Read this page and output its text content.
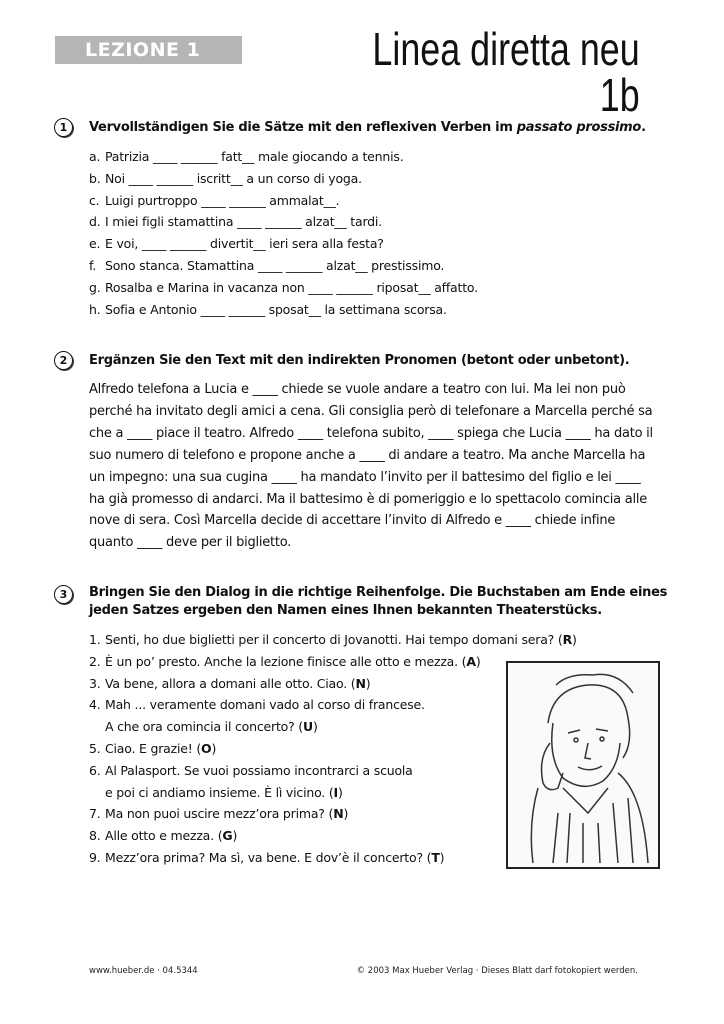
LEZIONE 1	Linea diretta neu
1b
1	Vervollständigen Sie die Sätze mit den reflexiven Verben im passato prossimo.
a. Patrizia ____ ______ fatt__ male giocando a tennis.
b. Noi ____ ______ iscritt__ a un corso di yoga.
c. Luigi purtroppo ____ ______ ammalat__.
d. I miei figli stamattina ____ ______ alzat__ tardi.
e. E voi, ____ ______ divertit__ ieri sera alla festa?
f. Sono stanca. Stamattina ____ ______ alzat__ prestissimo.
g. Rosalba e Marina in vacanza non ____ ______ riposat__ affatto.
h. Sofia e Antonio ____ ______ sposat__ la settimana scorsa.
2	Ergänzen Sie den Text mit den indirekten Pronomen (betont oder unbetont).
Alfredo telefona a Lucia e ____ chiede se vuole andare a teatro con lui. Ma lei non può
perché ha invitato degli amici a cena. Gli consiglia però di telefonare a Marcella perché sa
che a ____ piace il teatro. Alfredo ____ telefona subito, ____ spiega che Lucia ____ ha dato il
suo numero di telefono e propone anche a ____ di andare a teatro. Ma anche Marcella ha
un impegno: una sua cugina ____ ha mandato l’invito per il battesimo del figlio e lei ____
ha già promesso di andarci. Ma il battesimo è di pomeriggio e lo spettacolo comincia alle
nove di sera. Così Marcella decide di accettare l’invito di Alfredo e ____ chiede infine
quanto ____ deve per il biglietto.
3	Bringen Sie den Dialog in die richtige Reihenfolge. Die Buchstaben am Ende eines
jeden Satzes ergeben den Namen eines Ihnen bekannten Theaterstücks.
1. Senti, ho due biglietti per il concerto di Jovanotti. Hai tempo domani sera? (R)
2. È un po’ presto. Anche la lezione finisce alle otto e mezza. (A)
3. Va bene, allora a domani alle otto. Ciao. (N)
4. Mah ... veramente domani vado al corso di francese.
A che ora comincia il concerto? (U)
5. Ciao. E grazie! (O)
6. Al Palasport. Se vuoi possiamo incontrarci a scuola
e poi ci andiamo insieme. È lì vicino. (I)
7. Ma non puoi uscire mezz’ora prima? (N)
8. Alle otto e mezza. (G)
9. Mezz’ora prima? Ma sì, va bene. E dov’è il concerto? (T)
www.hueber.de · 04.5344	© 2003 Max Hueber Verlag · Dieses Blatt darf fotokopiert werden.
